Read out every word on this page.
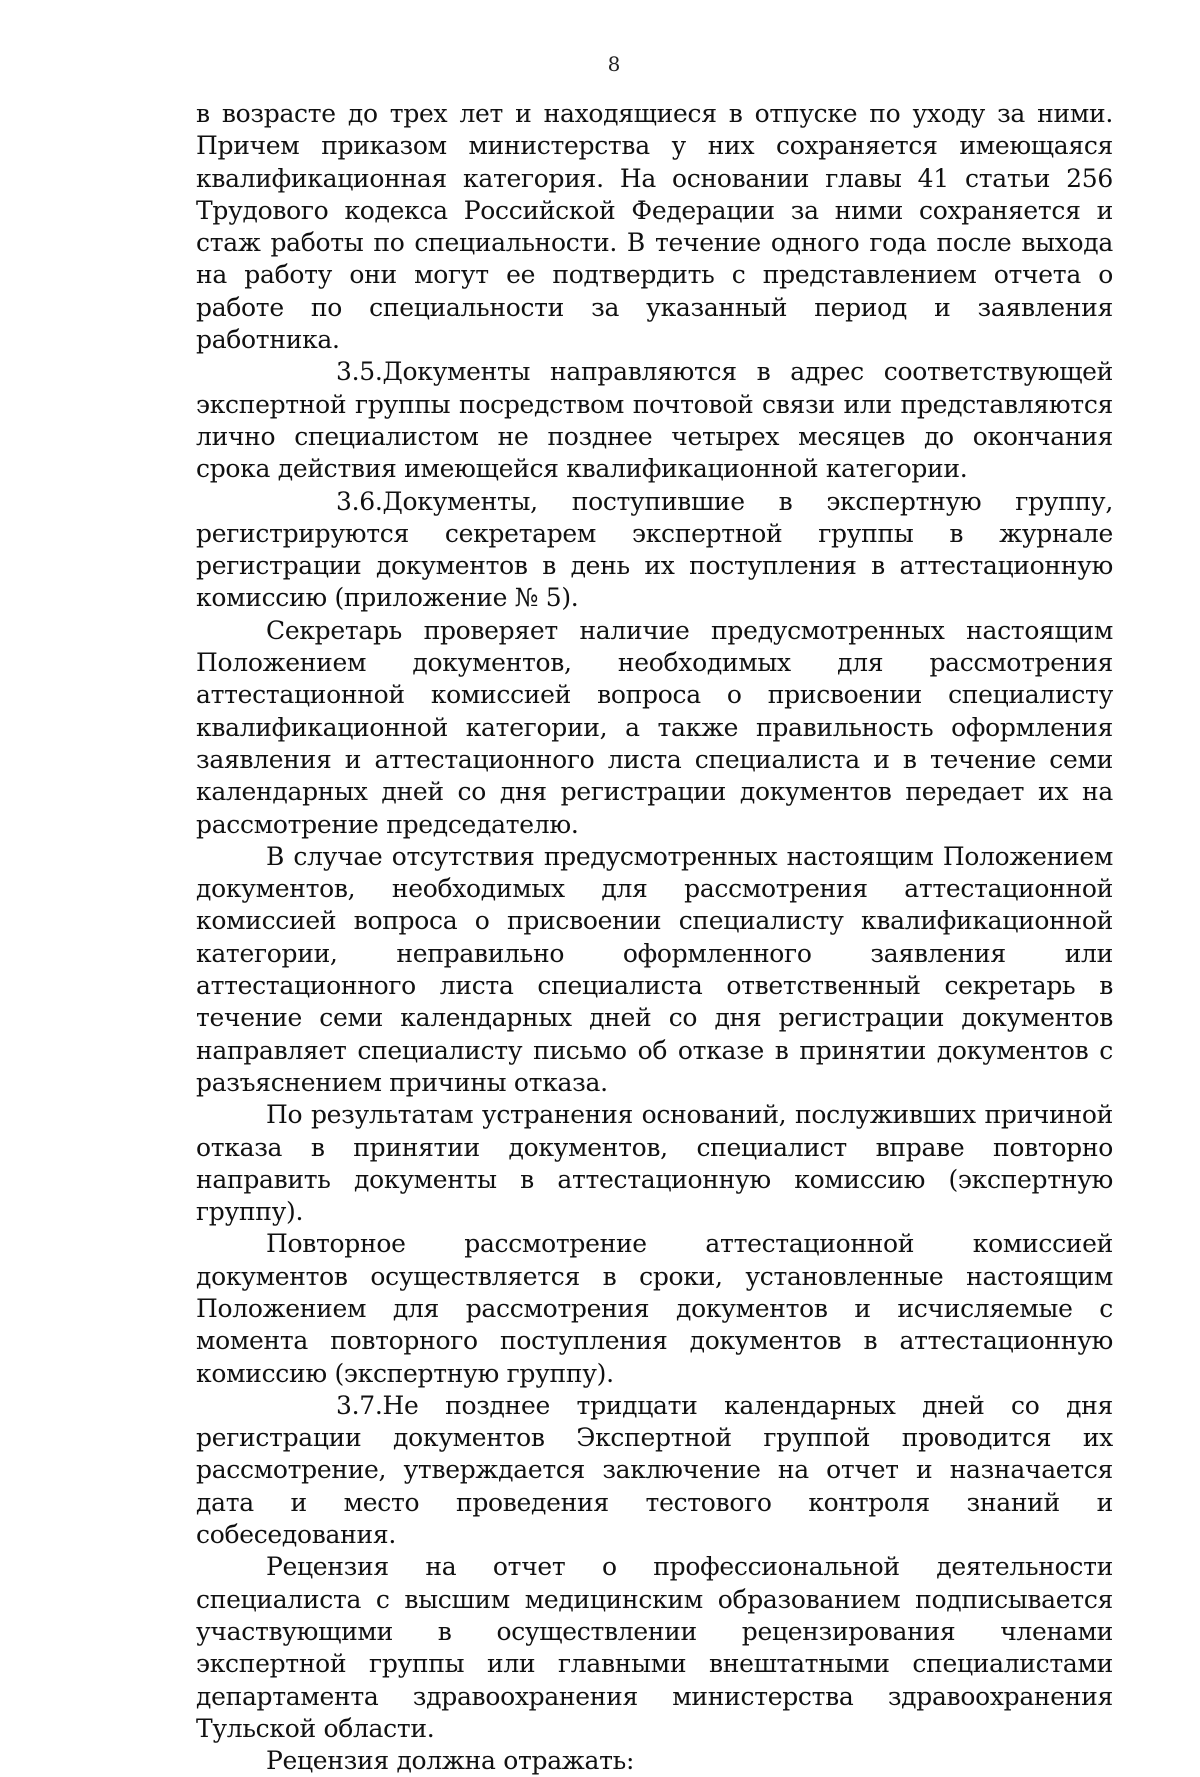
8

в возрасте до трех лет и находящиеся в отпуске по уходу за ними. Причем приказом министерства у них сохраняется имеющаяся квалификационная категория. На основании главы 41 статьи 256 Трудового кодекса Российской Федерации за ними сохраняется и стаж работы по специальности. В течение одного года после выхода на работу они могут ее подтвердить с представлением отчета о работе по специальности за указанный период и заявления работника.

3.5.Документы направляются в адрес соответствующей экспертной группы посредством почтовой связи или представляются лично специалистом не позднее четырех месяцев до окончания срока действия имеющейся квалификационной категории.

3.6.Документы, поступившие в экспертную группу, регистрируются секретарем экспертной группы в журнале регистрации документов в день их поступления в аттестационную комиссию (приложение № 5).

Секретарь проверяет наличие предусмотренных настоящим Положением документов, необходимых для рассмотрения аттестационной комиссией вопроса о присвоении специалисту квалификационной категории, а также правильность оформления заявления и аттестационного листа специалиста и в течение семи календарных дней со дня регистрации документов передает их на рассмотрение председателю.

В случае отсутствия предусмотренных настоящим Положением документов, необходимых для рассмотрения аттестационной комиссией вопроса о присвоении специалисту квалификационной категории, неправильно оформленного заявления или аттестационного листа специалиста ответственный секретарь в течение семи календарных дней со дня регистрации документов направляет специалисту письмо об отказе в принятии документов с разъяснением причины отказа.

По результатам устранения оснований, послуживших причиной отказа в принятии документов, специалист вправе повторно направить документы в аттестационную комиссию (экспертную группу).

Повторное рассмотрение аттестационной комиссией документов осуществляется в сроки, установленные настоящим Положением для рассмотрения документов и исчисляемые с момента повторного поступления документов в аттестационную комиссию (экспертную группу).

3.7.Не позднее тридцати календарных дней со дня регистрации документов Экспертной группой проводится их рассмотрение, утверждается заключение на отчет и назначается дата и место проведения тестового контроля знаний и собеседования.

Рецензия на отчет о профессиональной деятельности специалиста с высшим медицинским образованием подписывается участвующими в осуществлении рецензирования членами экспертной группы или главными внештатными специалистами департамента здравоохранения министерства здравоохранения Тульской области.

Рецензия должна отражать:
